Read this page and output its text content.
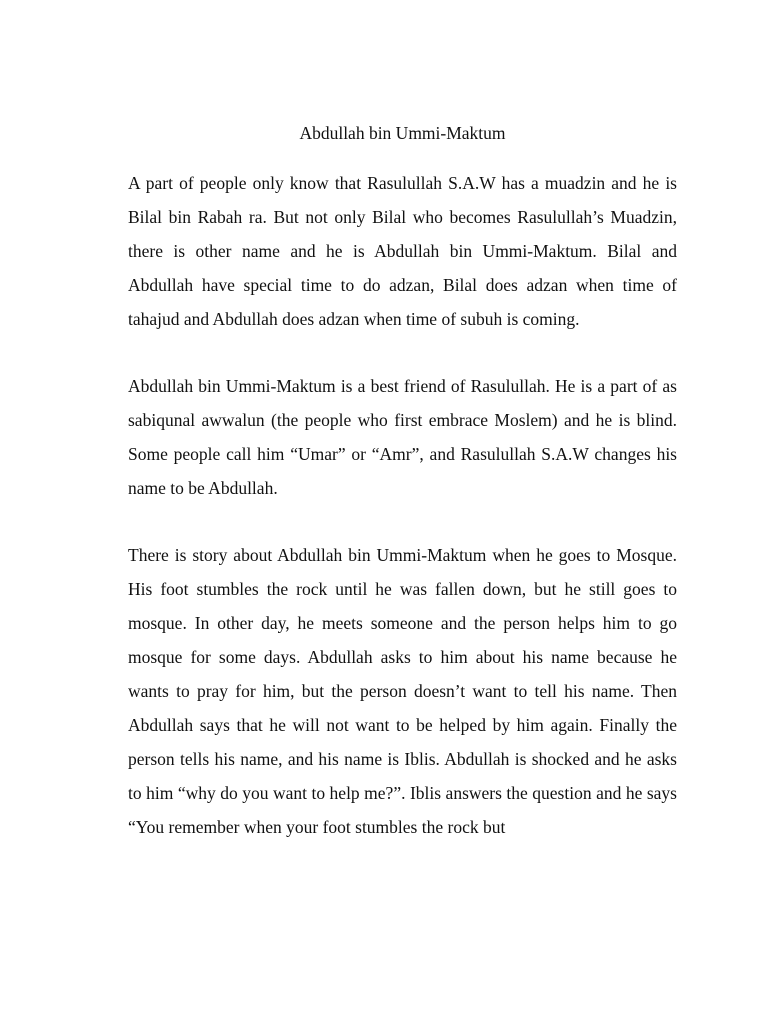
Abdullah bin Ummi-Maktum

A part of people only know that Rasulullah S.A.W has a muadzin and he is Bilal bin Rabah ra. But not only Bilal who becomes Rasulullah’s Muadzin, there is other name and he is Abdullah bin Ummi-Maktum. Bilal and Abdullah have special time to do adzan, Bilal does adzan when time of tahajud and Abdullah does adzan when time of subuh is coming.

Abdullah bin Ummi-Maktum is a best friend of Rasulullah. He is a part of as sabiqunal awwalun (the people who first embrace Moslem) and he is blind. Some people call him “Umar” or “Amr”, and Rasulullah S.A.W changes his name to be Abdullah.

There is story about Abdullah bin Ummi-Maktum when he goes to Mosque. His foot stumbles the rock until he was fallen down, but he still goes to mosque. In other day, he meets someone and the person helps him to go mosque for some days. Abdullah asks to him about his name because he wants to pray for him, but the person doesn’t want to tell his name. Then Abdullah says that he will not want to be helped by him again. Finally the person tells his name, and his name is Iblis. Abdullah is shocked and he asks to him “why do you want to help me?”. Iblis answers the question and he says “You remember when your foot stumbles the rock but
